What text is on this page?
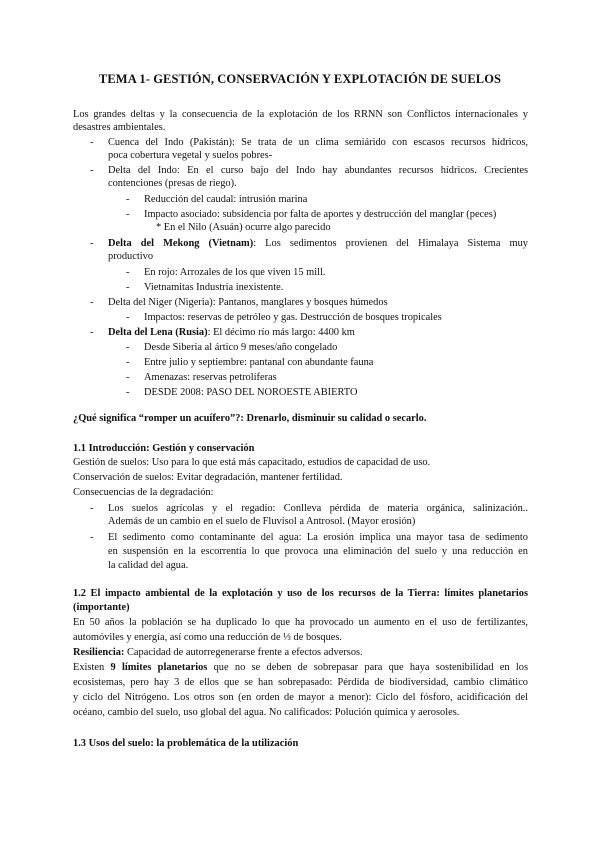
TEMA 1- GESTIÓN, CONSERVACIÓN Y EXPLOTACIÓN DE SUELOS
Los grandes deltas y la consecuencia de la explotación de los RRNN son Conflictos internacionales y
desastres ambientales.
- Cuenca del Indo (Pakistán): Se trata de un clima semiárido con escasos recursos hídricos,
poca cobertura vegetal y suelos pobres-
- Delta del Indo: En el curso bajo del Indo hay abundantes recursos hídricos. Crecientes
contenciones (presas de riego).
- Reducción del caudal: intrusión marina
- Impacto asociado: subsidencia por falta de aportes y destrucción del manglar (peces)
* En el Nilo (Asuán) ocurre algo parecido
- Delta del Mekong (Vietnam): Los sedimentos provienen del Himalaya Sistema muy
productivo
- En rojo: Arrozales de los que viven 15 mill.
- Vietnamitas Industria inexistente.
- Delta del Niger (Nigeria): Pantanos, manglares y bosques húmedos
- Impactos: reservas de petróleo y gas. Destrucción de bosques tropicales
- Delta del Lena (Rusia): El décimo río más largo: 4400 km
- Desde Siberia al ártico 9 meses/año congelado
- Entre julio y septiembre: pantanal con abundante fauna
- Amenazas: reservas petrolíferas
- DESDE 2008: PASO DEL NOROESTE ABIERTO
¿Qué significa “romper un acuífero”?: Drenarlo, disminuir su calidad o secarlo.
1.1 Introducción: Gestión y conservación
Gestión de suelos: Uso para lo que está más capacitado, estudios de capacidad de uso.
Conservación de suelos: Evitar degradación, mantener fertilidad.
Consecuencias de la degradación:
- Los suelos agrícolas y el regadío: Conlleva pérdida de materia orgánica, salinización..
Además de un cambio en el suelo de Fluvisol a Antrosol. (Mayor erosión)
- El sedimento como contaminante del agua: La erosión implica una mayor tasa de sedimento
en suspensión en la escorrentía lo que provoca una eliminación del suelo y una reducción en
la calidad del agua.
1.2 El impacto ambiental de la explotación y uso de los recursos de la Tierra: límites planetarios
(importante)
En 50 años la población se ha duplicado lo que ha provocado un aumento en el uso de fertilizantes,
automóviles y energía, así como una reducción de ⅓ de bosques.
Resiliencia: Capacidad de autorregenerarse frente a efectos adversos.
Existen 9 límites planetarios que no se deben de sobrepasar para que haya sostenibilidad en los
ecosistemas, pero hay 3 de ellos que se han sobrepasado: Pérdida de biodiversidad, cambio climático
y ciclo del Nitrógeno. Los otros son (en orden de mayor a menor): Ciclo del fósforo, acidificación del
océano, cambio del suelo, uso global del agua. No calificados: Polución química y aerosoles.
1.3 Usos del suelo: la problemática de la utilización
